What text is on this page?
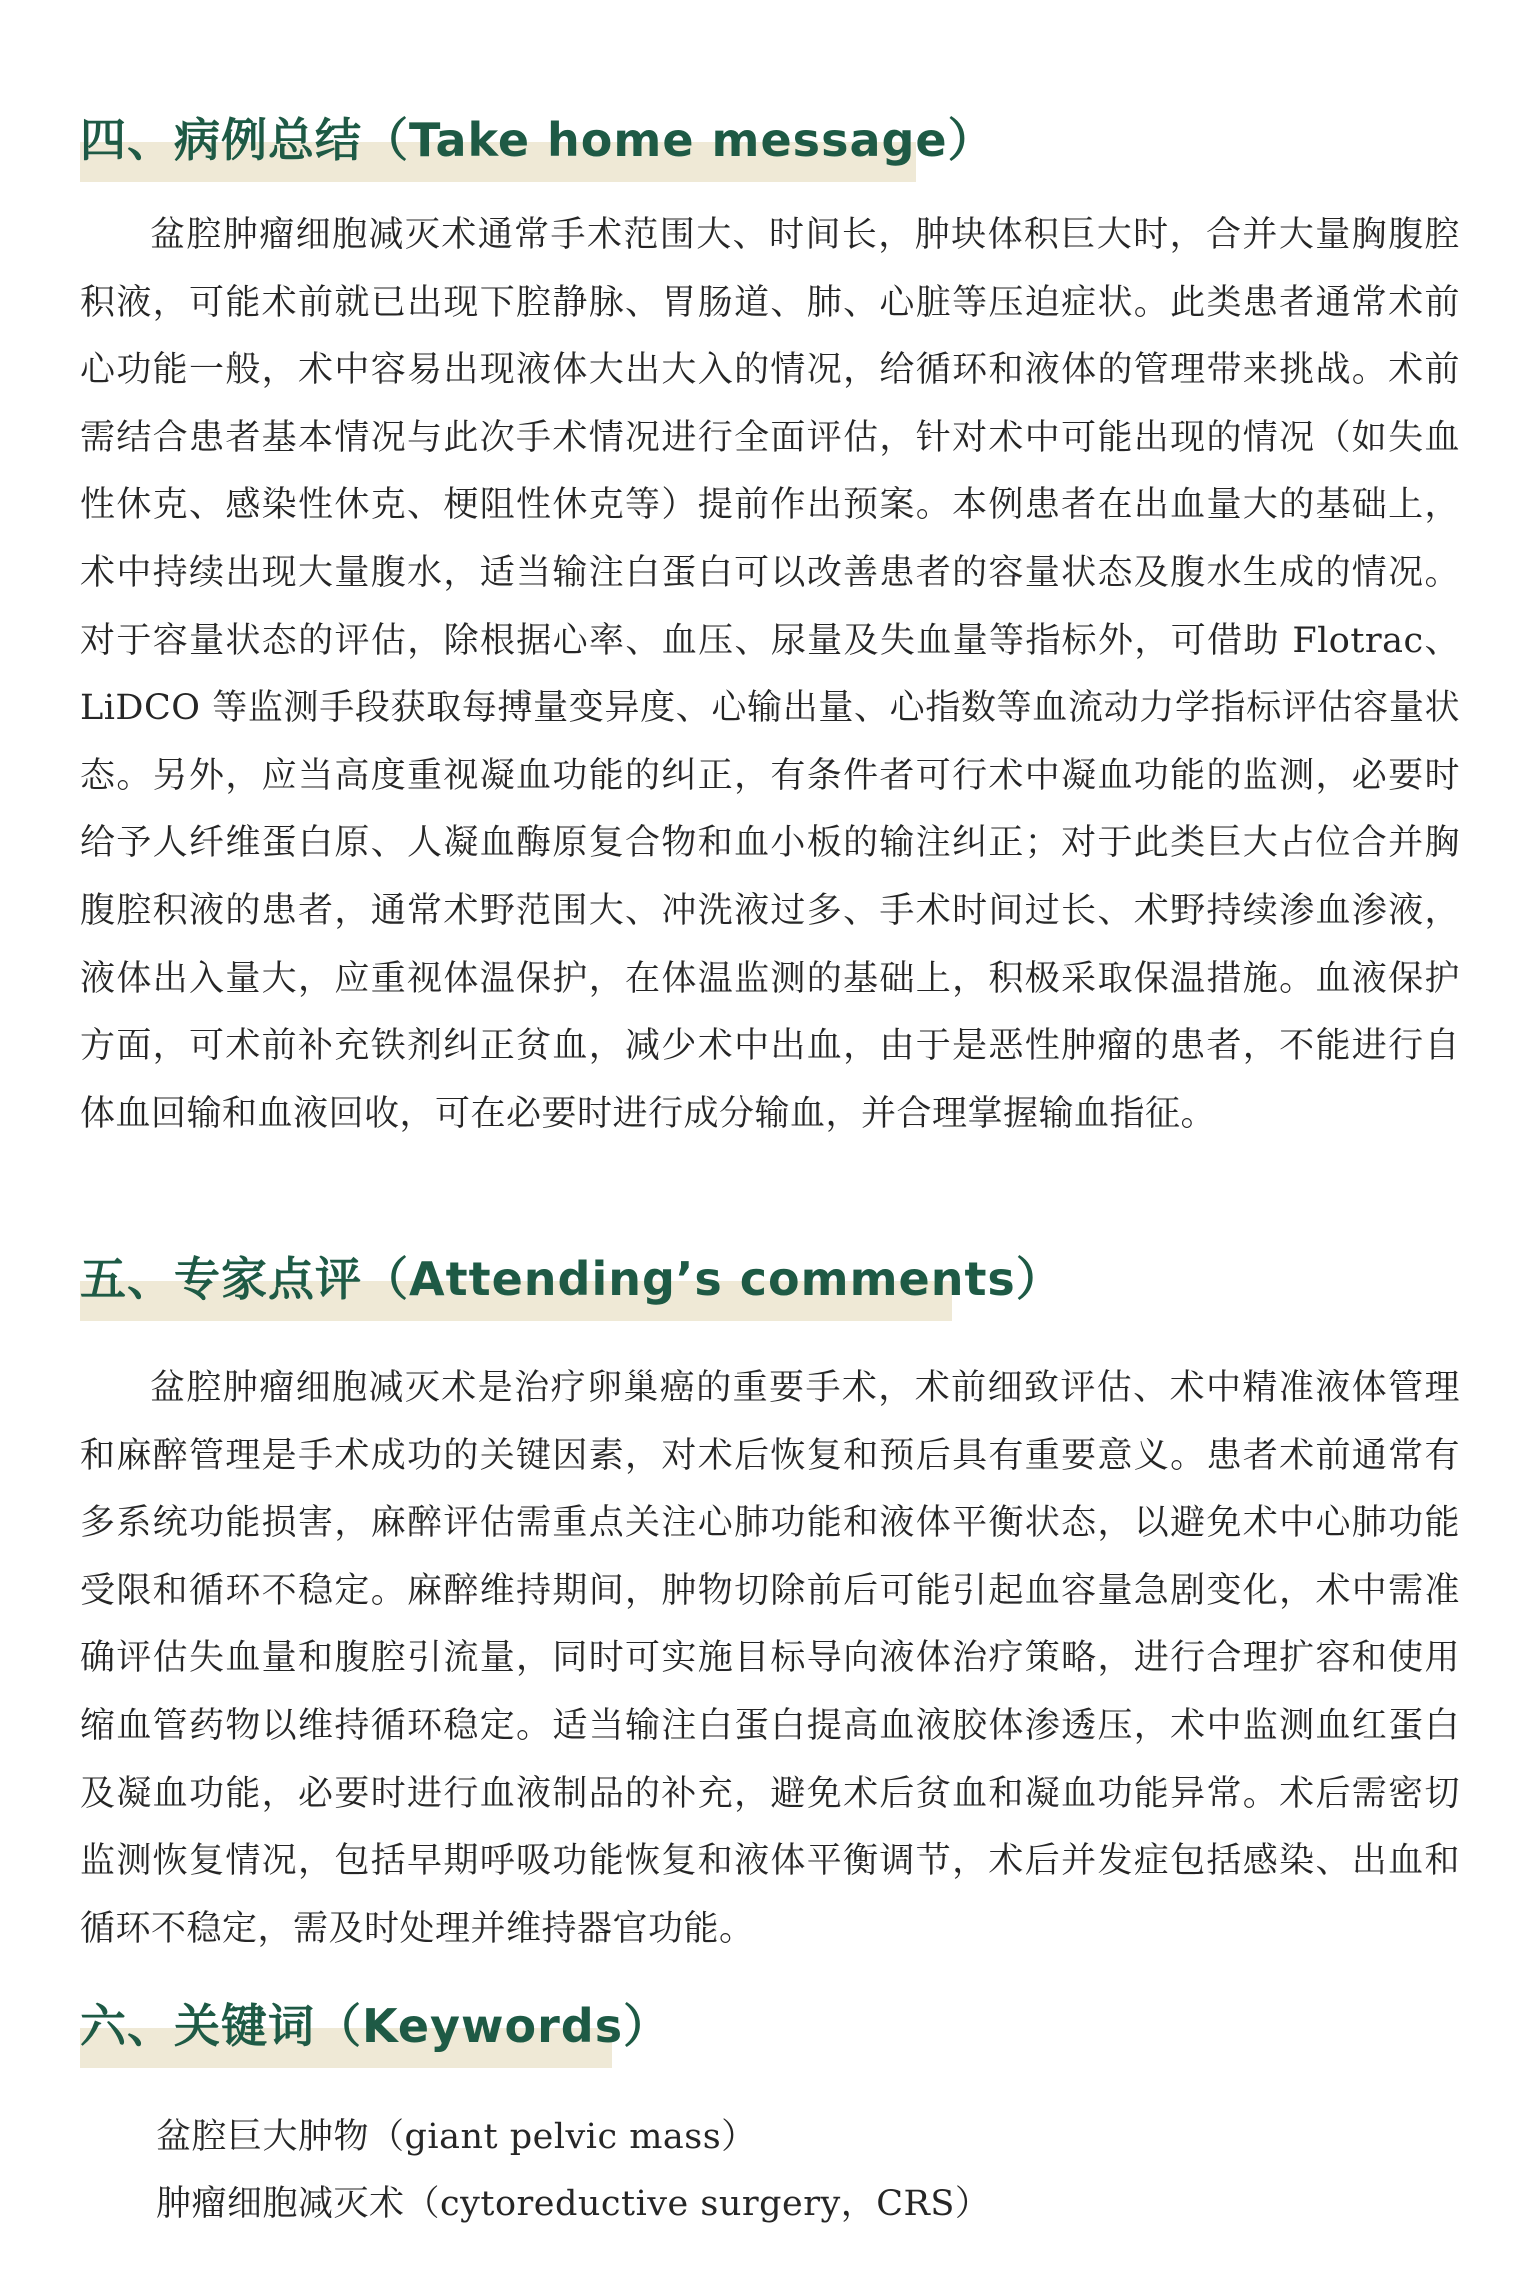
四、病例总结（Take home message）

盆腔肿瘤细胞减灭术通常手术范围大、时间长，肿块体积巨大时，合并大量胸腹腔积液，可能术前就已出现下腔静脉、胃肠道、肺、心脏等压迫症状。此类患者通常术前心功能一般，术中容易出现液体大出大入的情况，给循环和液体的管理带来挑战。术前需结合患者基本情况与此次手术情况进行全面评估，针对术中可能出现的情况（如失血性休克、感染性休克、梗阻性休克等）提前作出预案。本例患者在出血量大的基础上，术中持续出现大量腹水，适当输注白蛋白可以改善患者的容量状态及腹水生成的情况。对于容量状态的评估，除根据心率、血压、尿量及失血量等指标外，可借助 Flotrac、LiDCO 等监测手段获取每搏量变异度、心输出量、心指数等血流动力学指标评估容量状态。另外，应当高度重视凝血功能的纠正，有条件者可行术中凝血功能的监测，必要时给予人纤维蛋白原、人凝血酶原复合物和血小板的输注纠正；对于此类巨大占位合并胸腹腔积液的患者，通常术野范围大、冲洗液过多、手术时间过长、术野持续渗血渗液，液体出入量大，应重视体温保护，在体温监测的基础上，积极采取保温措施。血液保护方面，可术前补充铁剂纠正贫血，减少术中出血，由于是恶性肿瘤的患者，不能进行自体血回输和血液回收，可在必要时进行成分输血，并合理掌握输血指征。

五、专家点评（Attending’s comments）

盆腔肿瘤细胞减灭术是治疗卵巢癌的重要手术，术前细致评估、术中精准液体管理和麻醉管理是手术成功的关键因素，对术后恢复和预后具有重要意义。患者术前通常有多系统功能损害，麻醉评估需重点关注心肺功能和液体平衡状态，以避免术中心肺功能受限和循环不稳定。麻醉维持期间，肿物切除前后可能引起血容量急剧变化，术中需准确评估失血量和腹腔引流量，同时可实施目标导向液体治疗策略，进行合理扩容和使用缩血管药物以维持循环稳定。适当输注白蛋白提高血液胶体渗透压，术中监测血红蛋白及凝血功能，必要时进行血液制品的补充，避免术后贫血和凝血功能异常。术后需密切监测恢复情况，包括早期呼吸功能恢复和液体平衡调节，术后并发症包括感染、出血和循环不稳定，需及时处理并维持器官功能。

六、关键词（Keywords）
盆腔巨大肿物（giant pelvic mass）
肿瘤细胞减灭术（cytoreductive surgery，CRS）
